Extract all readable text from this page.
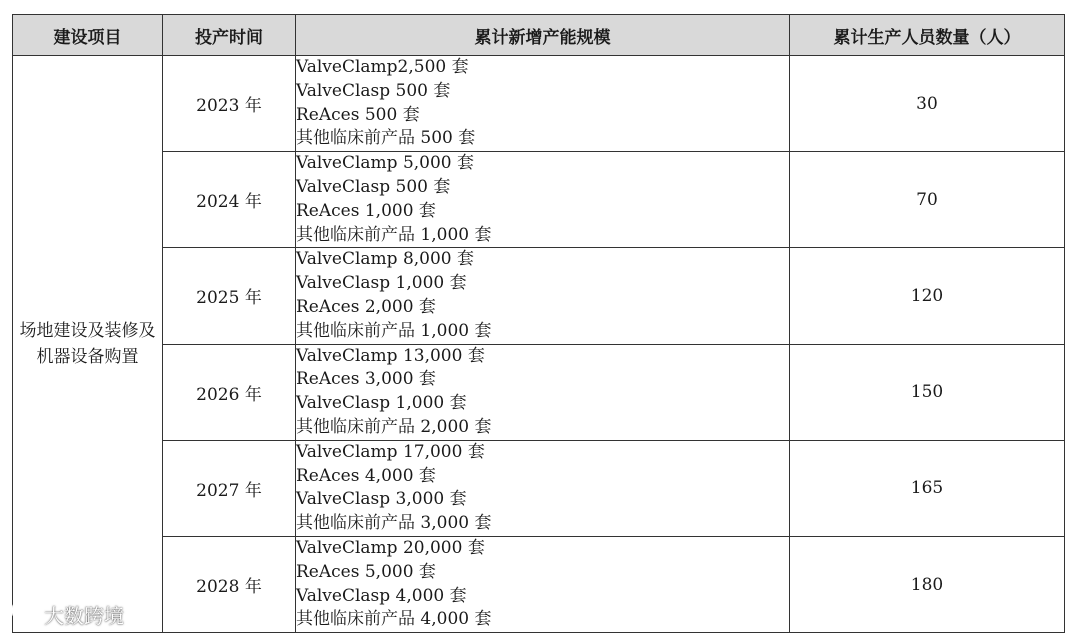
建设项目	投产时间	累计新增产能规模	累计生产人员数量（人）
场地建设及装修及机器设备购置	2023 年	ValveClamp2,500 套
ValveClasp 500 套
ReAces 500 套
其他临床前产品 500 套	30
	2024 年	ValveClamp 5,000 套
ValveClasp 500 套
ReAces 1,000 套
其他临床前产品 1,000 套	70
	2025 年	ValveClamp 8,000 套
ValveClasp 1,000 套
ReAces 2,000 套
其他临床前产品 1,000 套	120
	2026 年	ValveClamp 13,000 套
ReAces 3,000 套
ValveClasp 1,000 套
其他临床前产品 2,000 套	150
	2027 年	ValveClamp 17,000 套
ReAces 4,000 套
ValveClasp 3,000 套
其他临床前产品 3,000 套	165
	2028 年	ValveClamp 20,000 套
ReAces 5,000 套
ValveClasp 4,000 套
其他临床前产品 4,000 套	180
大数跨境
